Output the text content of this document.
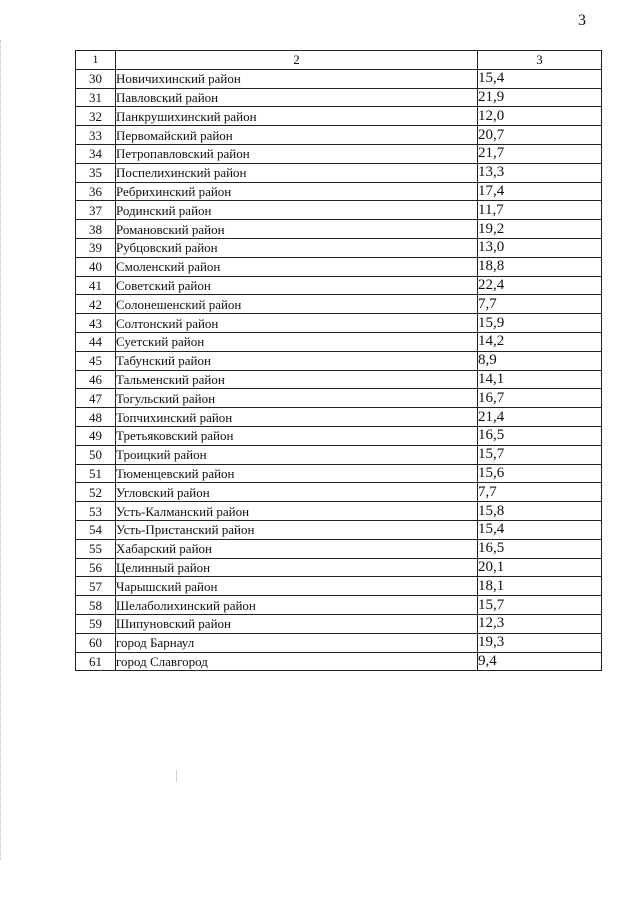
3
1	2	3
30	Новичихинский район	15,4
31	Павловский район	21,9
32	Панкрушихинский район	12,0
33	Первомайский район	20,7
34	Петропавловский район	21,7
35	Поспелихинский район	13,3
36	Ребрихинский район	17,4
37	Родинский район	11,7
38	Романовский район	19,2
39	Рубцовский район	13,0
40	Смоленский район	18,8
41	Советский район	22,4
42	Солонешенский район	7,7
43	Солтонский район	15,9
44	Суетский район	14,2
45	Табунский район	8,9
46	Тальменский район	14,1
47	Тогульский район	16,7
48	Топчихинский район	21,4
49	Третьяковский район	16,5
50	Троицкий район	15,7
51	Тюменцевский район	15,6
52	Угловский район	7,7
53	Усть-Калманский район	15,8
54	Усть-Пристанский район	15,4
55	Хабарский район	16,5
56	Целинный район	20,1
57	Чарышский район	18,1
58	Шелаболихинский район	15,7
59	Шипуновский район	12,3
60	город Барнаул	19,3
61	город Славгород	9,4
